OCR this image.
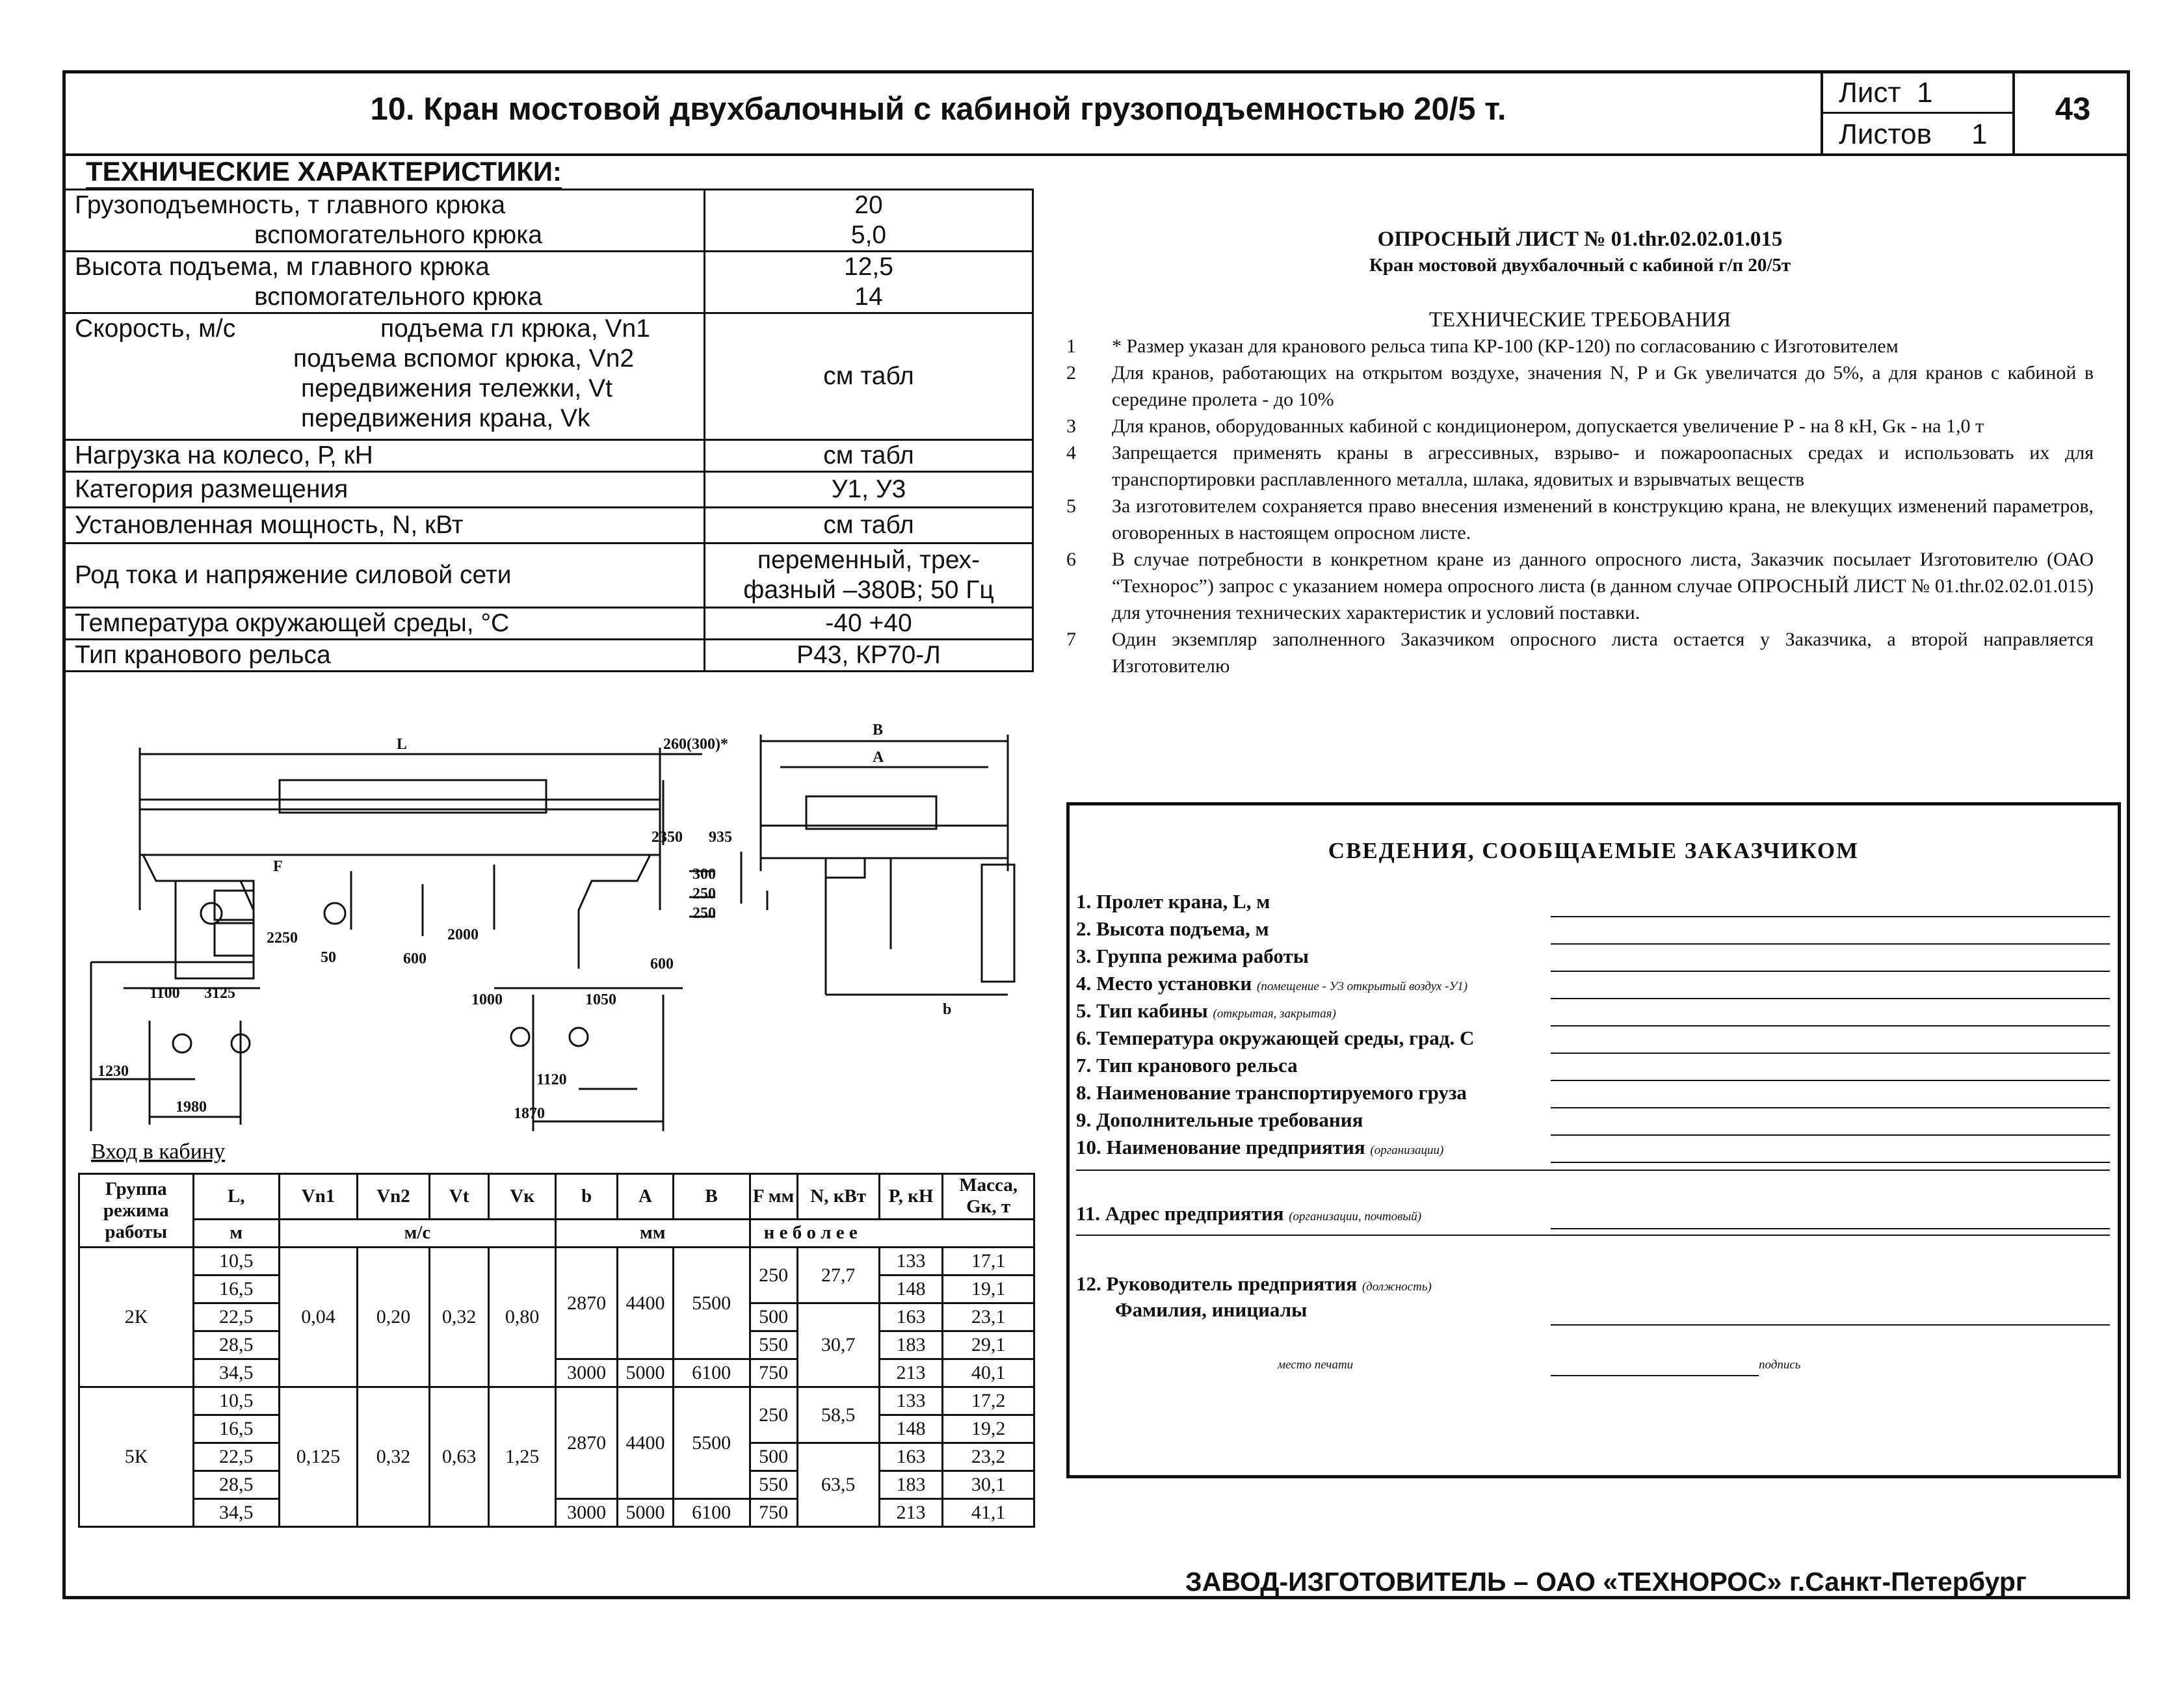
10. Кран мостовой двухбалочный с кабиной грузоподъемностью 20/5 т.	Лист 1
Листов 1
43
ТЕХНИЧЕСКИЕ ХАРАКТЕРИСТИКИ:
Грузоподъемность, т главного крюка	20
вспомогательного крюка	5,0
Высота подъема, м главного крюка	12,5
вспомогательного крюка	14

Скорость, м/с подъема гл крюка, Vn1
подъема вспомог крюка, Vn2
передвижения тележки, Vt
передвижения крана, Vk	см табл
Нагрузка на колесо, Р, кН	см табл
Категория размещения	У1, У3
Установленная мощность, N, кВт	см табл
Род тока и напряжение силовой сети	переменный, трех-
фазный –380В; 50 Гц

Температура окружающей среды, °С	-40 +40
Тип кранового рельса	Р43, КР70-Л
ОПРОСНЫЙ ЛИСТ № 01.thr.02.02.01.015
Кран мостовой двухбалочный с кабиной г/п 20/5т
ТЕХНИЧЕСКИЕ ТРЕБОВАНИЯ
1	* Размер указан для кранового рельса типа КР-100 (КР-120) по согласованию с Изготовителем
2	Для кранов, работающих на открытом воздухе, значения N, P и Gк увеличатся до 5%, а для кранов с кабиной в середине пролета - до 10%
3	Для кранов, оборудованных кабиной с кондиционером, допускается увеличение Р - на 8 кН, Gк - на 1,0 т
4	Запрещается применять краны в агрессивных, взрыво- и пожароопасных средах и использовать их для транспортировки расплавленного металла, шлака, ядовитых и взрывчатых веществ
5	За изготовителем сохраняется право внесения изменений в конструкцию крана, не влекущих изменений параметров, оговоренных в настоящем опросном листе.
6	В случае потребности в конкретном кране из данного опросного листа, Заказчик посылает Изготовителю (ОАО “Технорос”) запрос с указанием номера опросного листа (в данном случае ОПРОСНЫЙ ЛИСТ № 01.thr.02.02.01.015) для уточнения технических характеристик и условий поставки.
7	Один экземпляр заполненного Заказчиком опросного листа остается у Заказчика, а второй направляется Изготовителю
СВЕДЕНИЯ, СООБЩАЕМЫЕ ЗАКАЗЧИКОМ
1. Пролет крана, L, м
2. Высота подъема, м
3. Группа режима работы
4. Место установки (помещение - У3 открытый воздух -У1)
5. Тип кабины (открытая, закрытая)
6. Температура окружающей среды, град. С
7. Тип кранового рельса
8. Наименование транспортируемого груза
9. Дополнительные требования
10. Наименование предприятия (организации)
11. Адрес предприятия (организации, почтовый)
12. Руководитель предприятия (должность)
Фамилия, инициалы
место печати	подпись
L	260(300)*
2350
300
250
250
2250
50	600
2000
600
1100 3125	1000	1050
1230	1120
1980	1870
B
A
935
b
F
Вход в кабину
Группа режима работы	L,	Vn1	Vn2	Vt	Vк	b	A	B	F мм	N, кВт	P, кН	Масса, Gк, т
	м	м/с				мм			н е б о л е е			
2К	10,5	0,04	0,20	0,32	0,80	2870	4400	5500	250	27,7	133	17,1
	16,5										148	19,1
	22,5								500	30,7	163	23,1
	28,5								550		183	29,1
	34,5					3000	5000	6100	750		213	40,1
5К	10,5	0,125	0,32	0,63	1,25	2870	4400	5500	250	58,5	133	17,2
	16,5										148	19,2
	22,5								500	63,5	163	23,2
	28,5								550		183	30,1
	34,5					3000	5000	6100	750		213	41,1
ЗАВОД-ИЗГОТОВИТЕЛЬ – ОАО «ТЕХНОРОС» г.Санкт-Петербург
